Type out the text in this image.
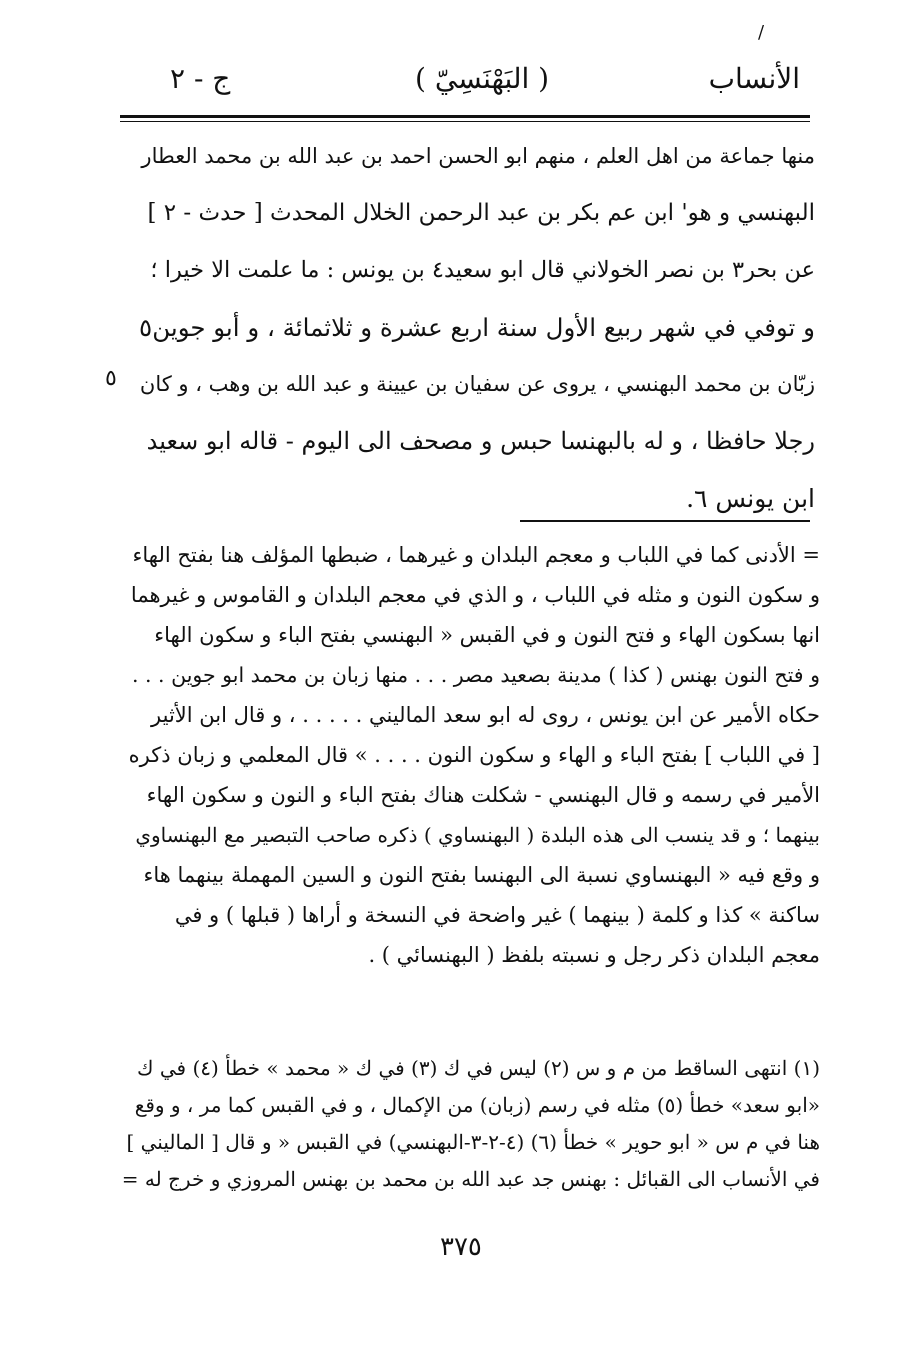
/
الأنساب
( البَهْنَسِيّ )
ج - ٢
منها جماعة من اهل العلم ، منهم ابو الحسن احمد بن عبد الله بن محمد العطار
البهنسي و هو' ابن عم بكر بن عبد الرحمن الخلال المحدث [ حدث - ٢ ]
عن بحر٣ بن نصر الخولاني قال ابو سعيد٤ بن يونس : ما علمت الا خيرا ؛
و توفي في شهر ربيع الأول سنة اربع عشرة و ثلاثمائة ، و أبو جوين٥
زبّان بن محمد البهنسي ، يروى عن سفيان بن عيينة و عبد الله بن وهب ، و كان
رجلا حافظا ، و له بالبهنسا حبس و مصحف الى اليوم - قاله ابو سعيد
ابن يونس ٦.
٥
= الأدنى كما في اللباب و معجم البلدان و غيرهما ، ضبطها المؤلف هنا بفتح الهاء
و سكون النون و مثله في اللباب ، و الذي في معجم البلدان و القاموس و غيرهما
انها بسكون الهاء و فتح النون و في القبس « البهنسي بفتح الباء و سكون الهاء
و فتح النون بهنس ( كذا ) مدينة بصعيد مصر . . . منها زبان بن محمد ابو جوين . . .
حكاه الأمير عن ابن يونس ، روى له ابو سعد الماليني . . . . . ، و قال ابن الأثير
[ في اللباب ] بفتح الباء و الهاء و سكون النون . . . . » قال المعلمي و زبان ذكره
الأمير في رسمه و قال البهنسي - شكلت هناك بفتح الباء و النون و سكون الهاء
بينهما ؛ و قد ينسب الى هذه البلدة ( البهنساوي ) ذكره صاحب التبصير مع البهنساوي
و وقع فيه « البهنساوي نسبة الى البهنسا بفتح النون و السين المهملة بينهما هاء
ساكنة » كذا و كلمة ( بينهما ) غير واضحة في النسخة و أراها ( قبلها ) و في
معجم البلدان ذكر رجل و نسبته بلفظ ( البهنسائي ) .
(١) انتهى الساقط من م و س (٢) ليس في ك (٣) في ك « محمد » خطأ (٤) في ك
«ابو سعد» خطأ (٥) مثله في رسم (زبان) من الإكمال ، و في القبس كما مر ، و وقع
هنا في م س « ابو حوير » خطأ (٦) (٤-٢-٣-البهنسي) في القبس « و قال [ الماليني ]
في الأنساب الى القبائل : بهنس جد عبد الله بن محمد بن بهنس المروزي و خرج له =
٣٧٥
